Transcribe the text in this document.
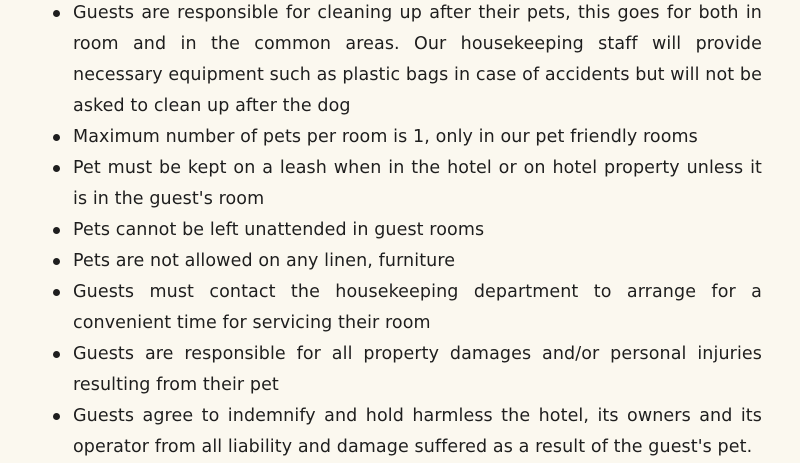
Guests are responsible for cleaning up after their pets, this goes for both in room and in the common areas. Our housekeeping staff will provide necessary equipment such as plastic bags in case of accidents but will not be asked to clean up after the dog
Maximum number of pets per room is 1, only in our pet friendly rooms
Pet must be kept on a leash when in the hotel or on hotel property unless it is in the guest's room
Pets cannot be left unattended in guest rooms
Pets are not allowed on any linen, furniture
Guests must contact the housekeeping department to arrange for a convenient time for servicing their room
Guests are responsible for all property damages and/or personal injuries resulting from their pet
Guests agree to indemnify and hold harmless the hotel, its owners and its operator from all liability and damage suffered as a result of the guest's pet.
